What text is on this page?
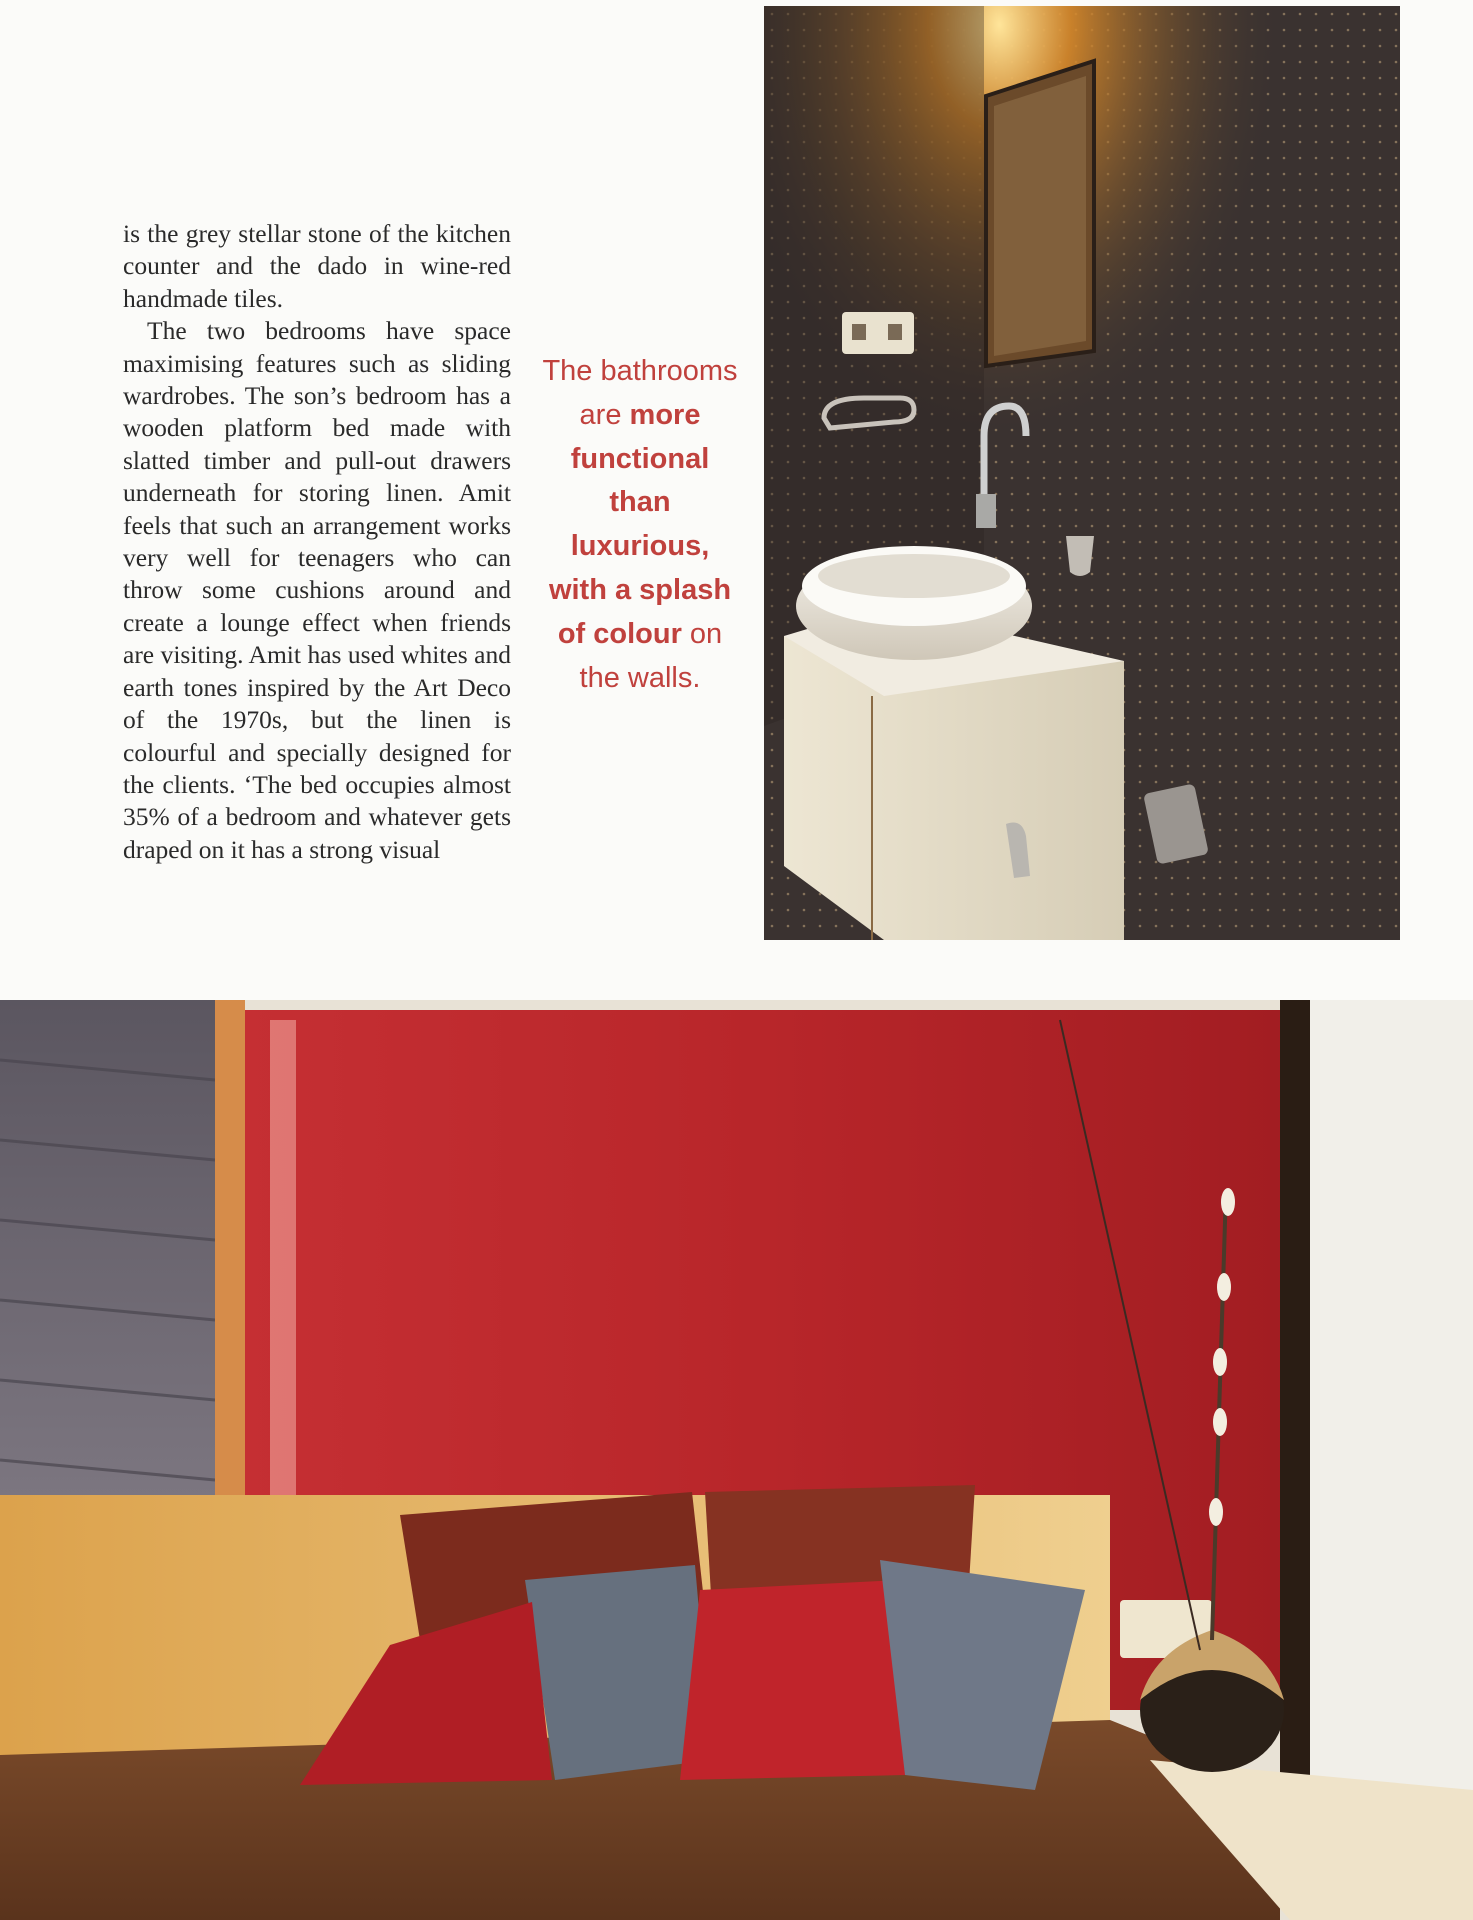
is the grey stellar stone of the kitchen counter and the dado in wine-red handmade tiles.

The two bedrooms have space maximising features such as sliding wardrobes. The son’s bedroom has a wooden platform bed made with slatted timber and pull-out drawers underneath for storing linen. Amit feels that such an arrangement works very well for teenagers who can throw some cushions around and create a lounge effect when friends are visiting. Amit has used whites and earth tones inspired by the Art Deco of the 1970s, but the linen is colourful and specially designed for the clients. ‘The bed occupies almost 35% of a bedroom and whatever gets draped on it has a strong visual

The bathrooms are more functional than luxurious, with a splash of colour on the walls.
